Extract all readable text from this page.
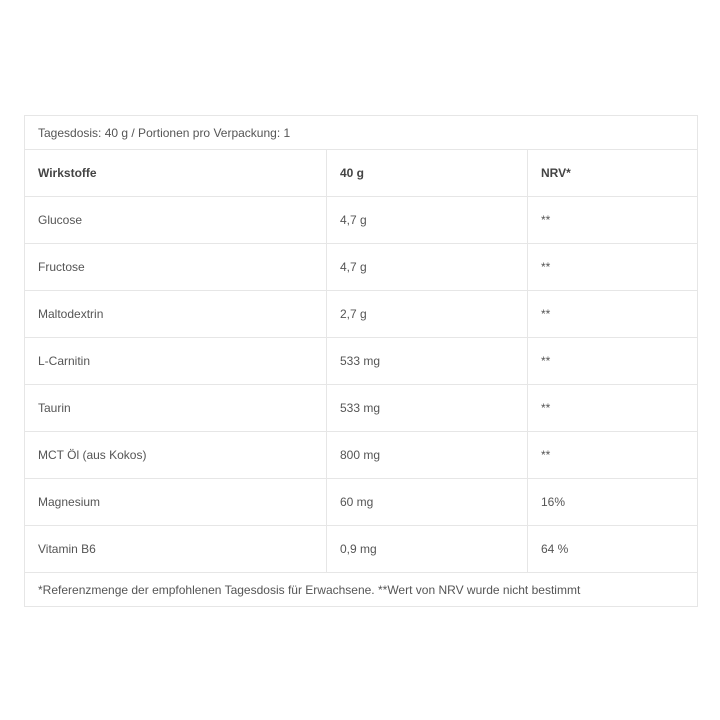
Tagesdosis: 40 g / Portionen pro Verpackung: 1		
Wirkstoffe	40 g	NRV*
Glucose	4,7 g	**
Fructose	4,7 g	**
Maltodextrin	2,7 g	**
L-Carnitin	533 mg	**
Taurin	533 mg	**
MCT Öl (aus Kokos)	800 mg	**
Magnesium	60 mg	16%
Vitamin B6	0,9 mg	64 %
*Referenzmenge der empfohlenen Tagesdosis für Erwachsene. **Wert von NRV wurde nicht bestimmt		
